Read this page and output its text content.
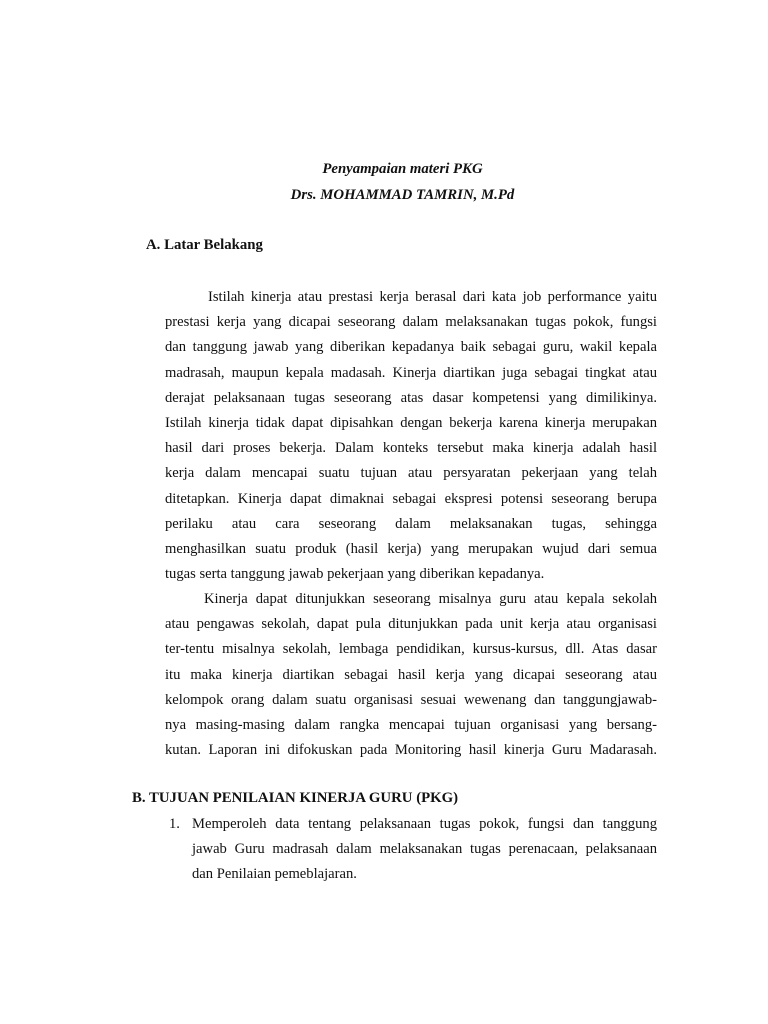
Penyampaian materi PKG

Drs. MOHAMMAD TAMRIN, M.Pd

A. Latar Belakang

Istilah kinerja atau prestasi kerja berasal dari kata job performance yaitu
prestasi kerja yang dicapai seseorang dalam melaksanakan tugas pokok, fungsi
dan tanggung jawab yang diberikan kepadanya baik sebagai guru, wakil kepala
madrasah, maupun kepala madasah. Kinerja diartikan juga sebagai tingkat atau
derajat pelaksanaan tugas seseorang atas dasar kompetensi yang dimilikinya.
Istilah kinerja tidak dapat dipisahkan dengan bekerja karena kinerja merupakan
hasil dari proses bekerja. Dalam konteks tersebut maka kinerja adalah hasil
kerja dalam mencapai suatu tujuan atau persyaratan pekerjaan yang telah
ditetapkan. Kinerja dapat dimaknai sebagai ekspresi potensi seseorang berupa
perilaku atau cara seseorang dalam melaksanakan tugas, sehingga
menghasilkan suatu produk (hasil kerja) yang merupakan wujud dari semua
tugas serta tanggung jawab pekerjaan yang diberikan kepadanya.
Kinerja dapat ditunjukkan seseorang misalnya guru atau kepala sekolah
atau pengawas sekolah, dapat pula ditunjukkan pada unit kerja atau organisasi
ter-tentu misalnya sekolah, lembaga pendidikan, kursus-kursus, dll. Atas dasar
itu maka kinerja diartikan sebagai hasil kerja yang dicapai seseorang atau
kelompok orang dalam suatu organisasi sesuai wewenang dan tanggungjawab-
nya masing-masing dalam rangka mencapai tujuan organisasi yang bersang-
kutan. Laporan ini difokuskan pada Monitoring hasil kinerja Guru Madarasah.

B. TUJUAN PENILAIAN KINERJA GURU (PKG)

1. Memperoleh data tentang pelaksanaan tugas pokok, fungsi dan tanggung
jawab Guru madrasah dalam melaksanakan tugas perenacaan, pelaksanaan
dan Penilaian pemeblajaran.
